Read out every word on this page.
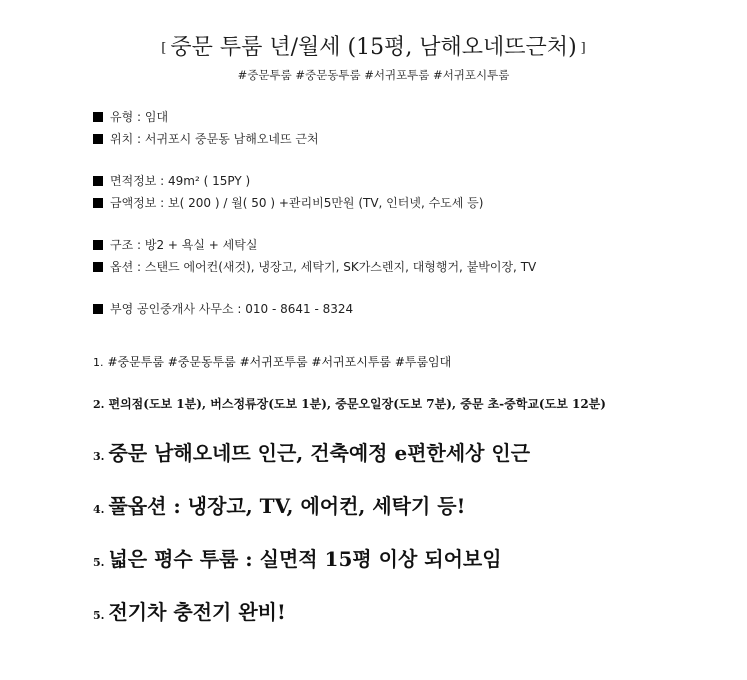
[ 중문 투룸 년/월세 (15평, 남해오네뜨근처) ]
#중문투룸 #중문동투룸 #서귀포투룸 #서귀포시투룸
유형 : 임대
위치 : 서귀포시 중문동 남해오네뜨 근처
면적정보 : 49m² ( 15PY )
금액정보 : 보( 200 ) / 월( 50 ) +관리비5만원 (TV, 인터넷, 수도세 등)
구조 : 방2 + 욕실 + 세탁실
옵션 : 스탠드 에어컨(새것), 냉장고, 세탁기, SK가스렌지, 대형행거, 붙박이장, TV
부영 공인중개사 사무소 : 010 - 8641 - 8324
1. #중문투룸 #중문동투룸 #서귀포투룸 #서귀포시투룸 #투룸임대
2. 편의점(도보 1분), 버스정류장(도보 1분), 중문오일장(도보 7분), 중문 초-중학교(도보 12분)
3. 중문 남해오네뜨 인근, 건축예정 e편한세상 인근
4. 풀옵션 : 냉장고, TV, 에어컨, 세탁기 등!
5. 넓은 평수 투룸 : 실면적 15평 이상 되어보임
5. 전기차 충전기 완비!
